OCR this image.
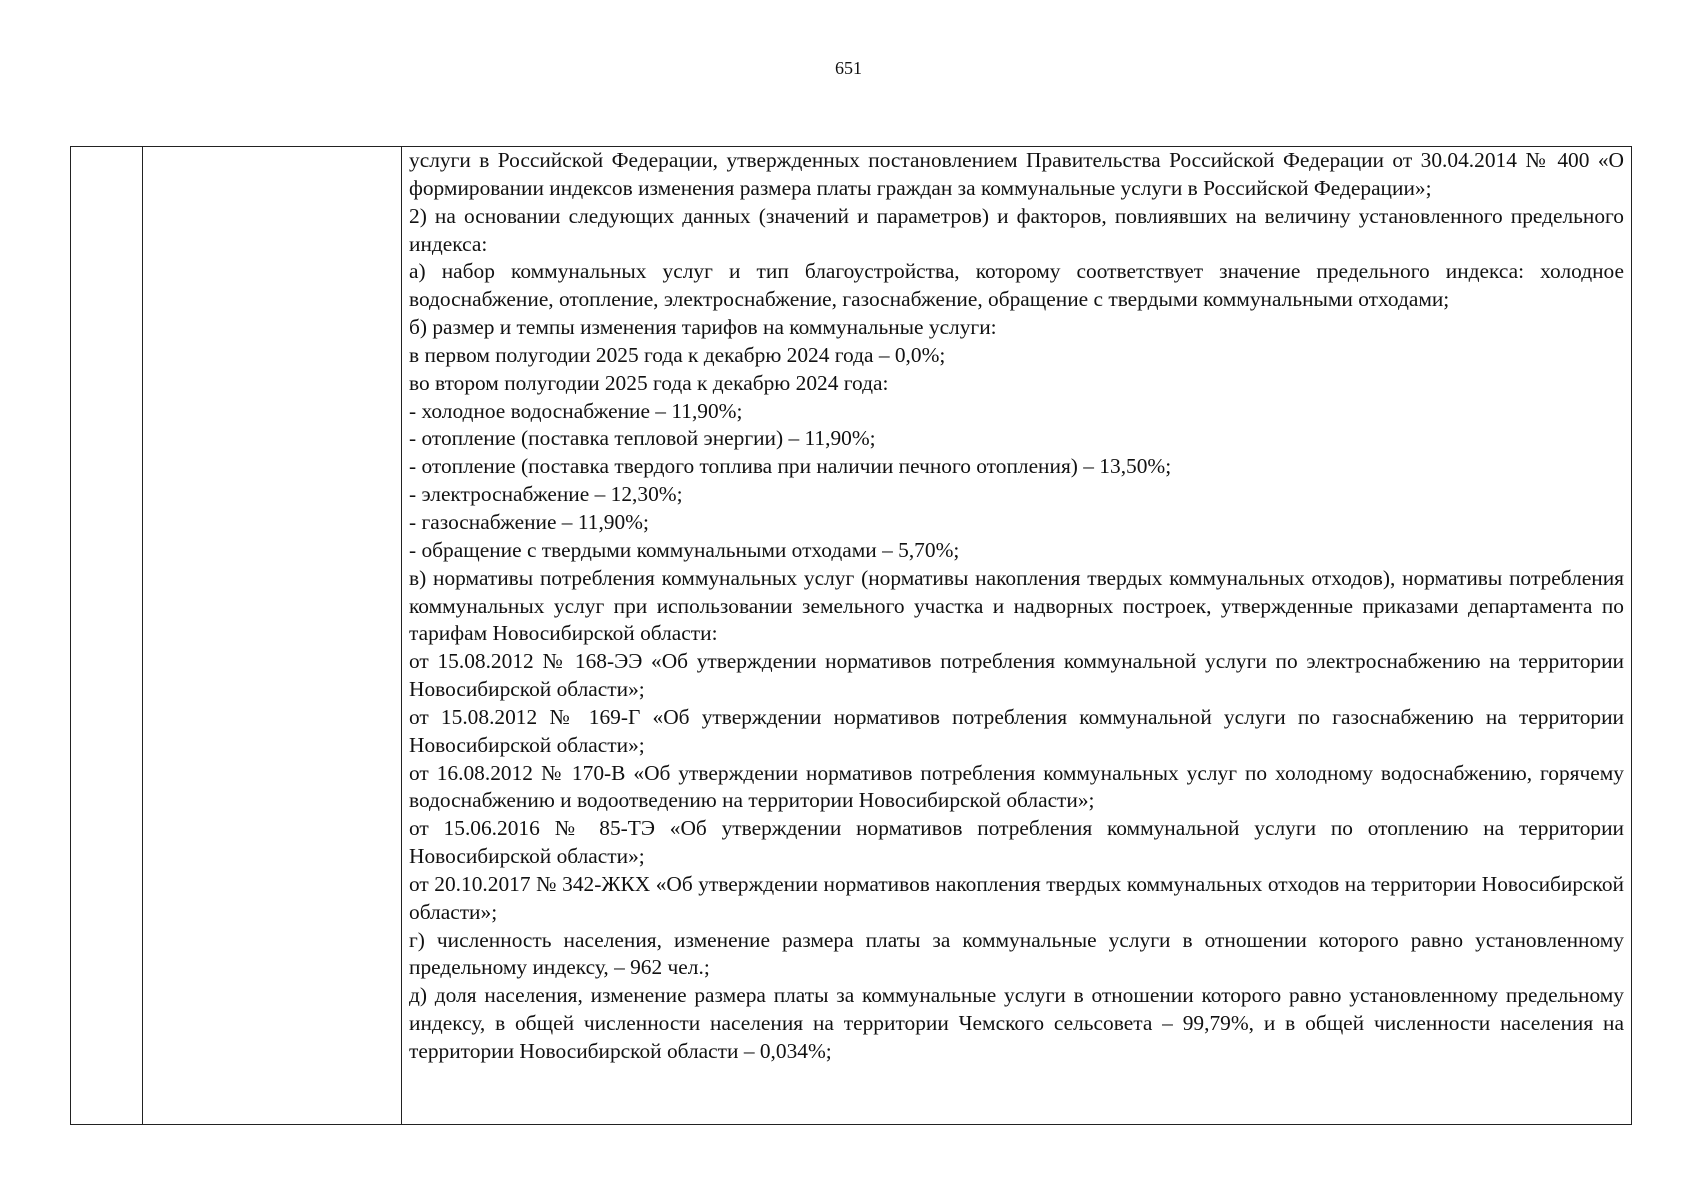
651

услуги в Российской Федерации, утвержденных постановлением Правительства Российской Федерации от 30.04.2014 № 400 «О формировании индексов изменения размера платы граждан за коммунальные услуги в Российской Федерации»;

2) на основании следующих данных (значений и параметров) и факторов, повлиявших на величину установленного предельного индекса:

а) набор коммунальных услуг и тип благоустройства, которому соответствует значение предельного индекса: холодное водоснабжение, отопление, электроснабжение, газоснабжение, обращение с твердыми коммунальными отходами;

б) размер и темпы изменения тарифов на коммунальные услуги:

в первом полугодии 2025 года к декабрю 2024 года – 0,0%;

во втором полугодии 2025 года к декабрю 2024 года:

- холодное водоснабжение – 11,90%;

- отопление (поставка тепловой энергии) – 11,90%;

- отопление (поставка твердого топлива при наличии печного отопления) – 13,50%;

- электроснабжение – 12,30%;

- газоснабжение – 11,90%;

- обращение с твердыми коммунальными отходами – 5,70%;

в) нормативы потребления коммунальных услуг (нормативы накопления твердых коммунальных отходов), нормативы потребления коммунальных услуг при использовании земельного участка и надворных построек, утвержденные приказами департамента по тарифам Новосибирской области:

от 15.08.2012 № 168-ЭЭ «Об утверждении нормативов потребления коммунальной услуги по электроснабжению на территории Новосибирской области»;

от 15.08.2012 № 169-Г «Об утверждении нормативов потребления коммунальной услуги по газоснабжению на территории Новосибирской области»;

от 16.08.2012 № 170-В «Об утверждении нормативов потребления коммунальных услуг по холодному водоснабжению, горячему водоснабжению и водоотведению на территории Новосибирской области»;

от 15.06.2016 № 85-ТЭ «Об утверждении нормативов потребления коммунальной услуги по отоплению на территории Новосибирской области»;

от 20.10.2017 № 342-ЖКХ «Об утверждении нормативов накопления твердых коммунальных отходов на территории Новосибирской области»;

г) численность населения, изменение размера платы за коммунальные услуги в отношении которого равно установленному предельному индексу, – 962 чел.;

д) доля населения, изменение размера платы за коммунальные услуги в отношении которого равно установленному предельному индексу, в общей численности населения на территории Чемского сельсовета – 99,79%, и в общей численности населения на территории Новосибирской области – 0,034%;
